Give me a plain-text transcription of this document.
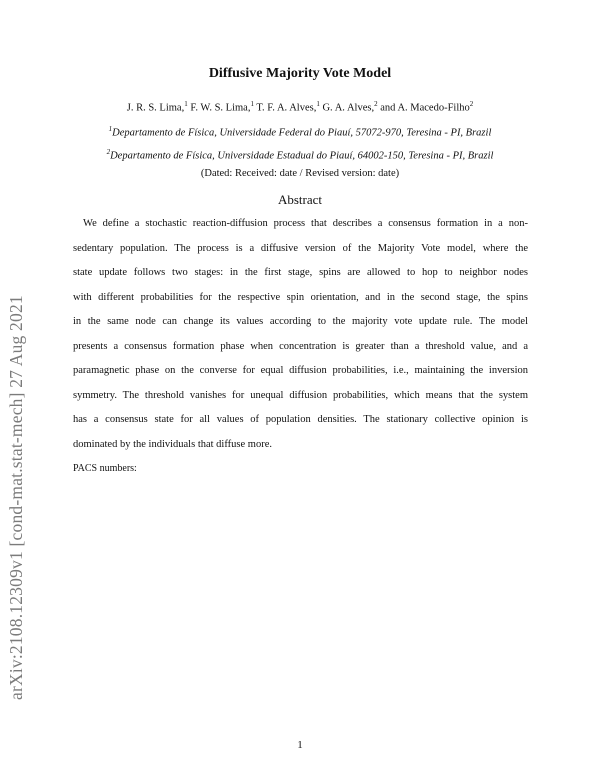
arXiv:2108.12309v1 [cond-mat.stat-mech] 27 Aug 2021
Diffusive Majority Vote Model
J. R. S. Lima,$^1$ F. W. S. Lima,$^1$ T. F. A. Alves,$^1$ G. A. Alves,$^2$ and A. Macedo-Filho$^2$
$^1$Departamento de Física, Universidade Federal do Piauí, 57072-970, Teresina - PI, Brazil
$^2$Departamento de Física, Universidade Estadual do Piauí, 64002-150, Teresina - PI, Brazil
(Dated: Received: date / Revised version: date)
Abstract
We define a stochastic reaction-diffusion process that describes a consensus formation in a non-
sedentary population. The process is a diffusive version of the Majority Vote model, where the
state update follows two stages: in the first stage, spins are allowed to hop to neighbor nodes
with different probabilities for the respective spin orientation, and in the second stage, the spins
in the same node can change its values according to the majority vote update rule. The model
presents a consensus formation phase when concentration is greater than a threshold value, and a
paramagnetic phase on the converse for equal diffusion probabilities, i.e., maintaining the inversion
symmetry. The threshold vanishes for unequal diffusion probabilities, which means that the system
has a consensus state for all values of population densities. The stationary collective opinion is
dominated by the individuals that diffuse more.
PACS numbers:
1
